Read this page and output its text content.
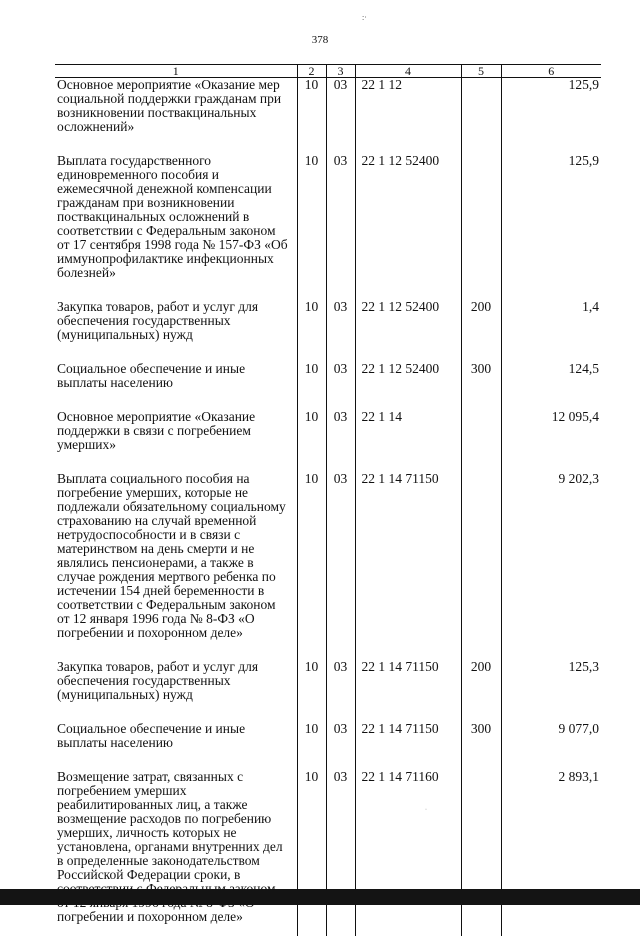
:·
378
1	2	3	4	5	6
Основное мероприятие «Оказание мер социальной поддержки гражданам при возникновении поствакцинальных осложнений»	10	03	22 1 12		125,9

Выплата государственного единовременного пособия и ежемесячной денежной компенсации гражданам при возникновении поствакцинальных осложнений в соответствии с Федеральным законом от 17 сентября 1998 года № 157-ФЗ «Об иммунопрофилактике инфекционных болезней»	10	03	22 1 12 52400		125,9

Закупка товаров, работ и услуг для обеспечения государственных (муниципальных) нужд	10	03	22 1 12 52400	200	1,4

Социальное обеспечение и иные выплаты населению	10	03	22 1 12 52400	300	124,5

Основное мероприятие «Оказание поддержки в связи с погребением умерших»	10	03	22 1 14		12 095,4

Выплата социального пособия на погребение умерших, которые не подлежали обязательному социальному страхованию на случай временной нетрудоспособности и в связи с материнством на день смерти и не являлись пенсионерами, а также в случае рождения мертвого ребенка по истечении 154 дней беременности в соответствии с Федеральным законом от 12 января 1996 года № 8-ФЗ «О погребении и похоронном деле»	10	03	22 1 14 71150		9 202,3

Закупка товаров, работ и услуг для обеспечения государственных (муниципальных) нужд	10	03	22 1 14 71150	200	125,3

Социальное обеспечение и иные выплаты населению	10	03	22 1 14 71150	300	9 077,0

Возмещение затрат, связанных с погребением умерших реабилитированных лиц, а также возмещение расходов по погребению умерших, личность которых не установлена, органами внутренних дел в определенные законодательством Российской Федерации сроки, в погребении и похоронном деле»	10	03	22 1 14 71160		2 893,1

·
